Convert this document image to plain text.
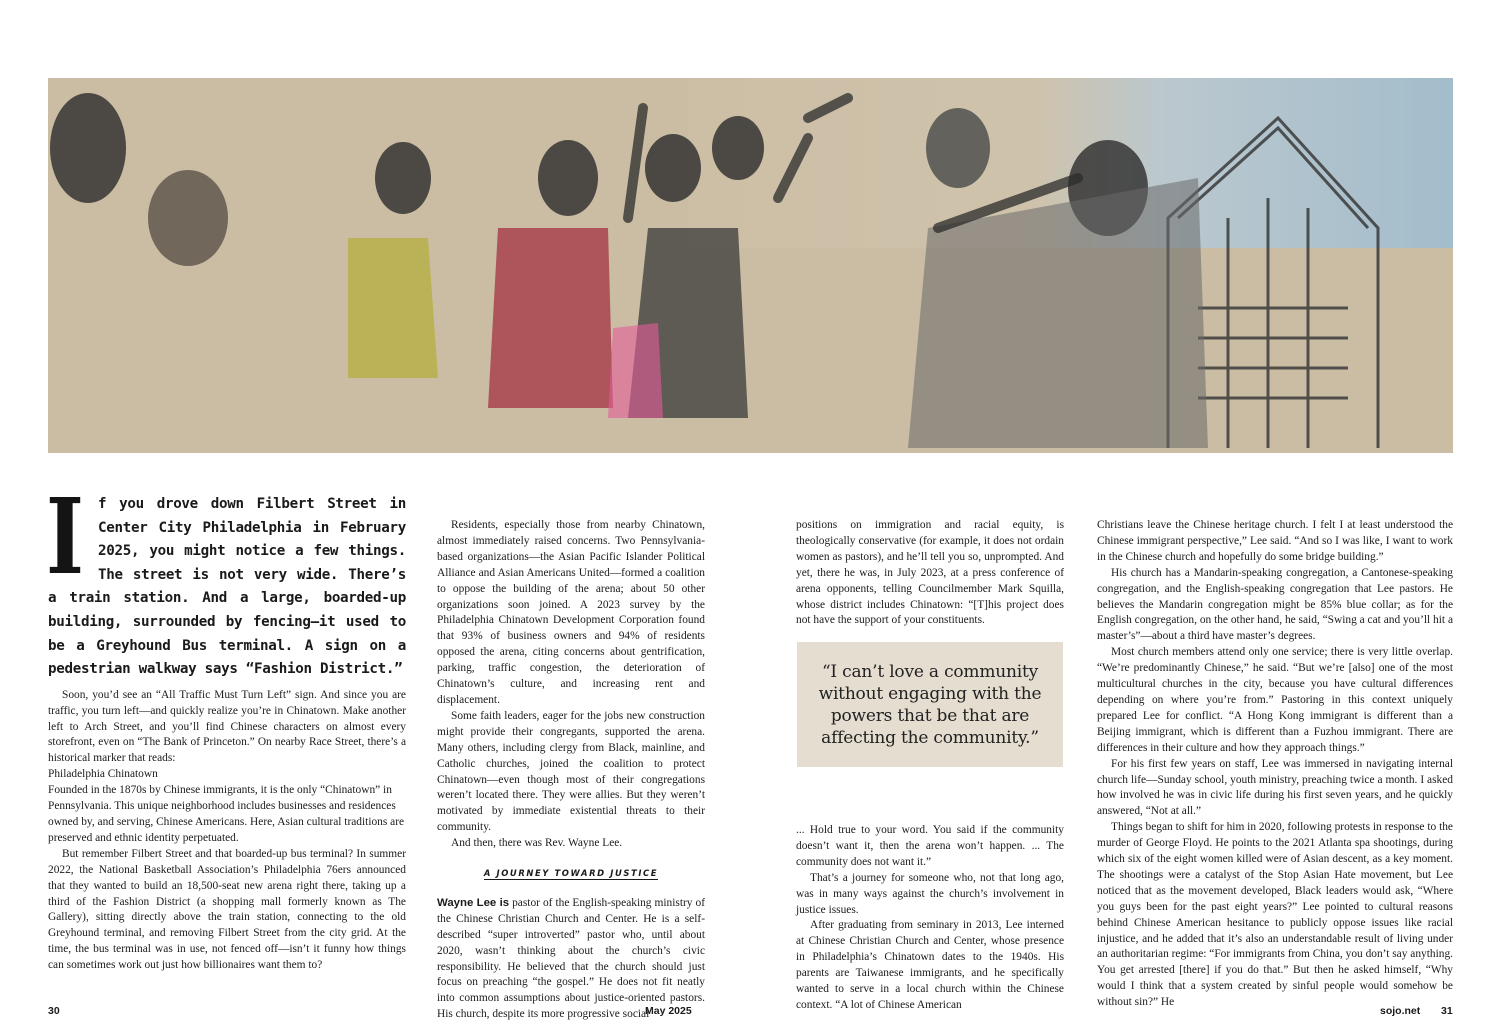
I f you drove down Filbert Street in Center City Philadelphia in February 2025, you might notice a few things. The street is not very wide. There’s a train station. And a large, boarded-up building, surrounded by fencing—it used to be a Greyhound Bus terminal. A sign on a pedestrian walkway says “Fashion District.”

Soon, you’d see an “All Traffic Must Turn Left” sign. And since you are traffic, you turn left—and quickly realize you’re in Chinatown. Make another left to Arch Street, and you’ll find Chinese characters on almost every storefront, even on “The Bank of Princeton.” On nearby Race Street, there’s a historical marker that reads:

Philadelphia Chinatown
Founded in the 1870s by Chinese immigrants, it is the only “Chinatown” in Pennsylvania. This unique neighborhood includes businesses and residences owned by, and serving, Chinese Americans. Here, Asian cultural traditions are preserved and ethnic identity perpetuated.

But remember Filbert Street and that boarded-up bus terminal? In summer 2022, the National Basketball Association’s Philadelphia 76ers announced that they wanted to build an 18,500-seat new arena right there, taking up a third of the Fashion District (a shopping mall formerly known as The Gallery), sitting directly above the train station, connecting to the old Greyhound terminal, and removing Filbert Street from the city grid. At the time, the bus terminal was in use, not fenced off—isn’t it funny how things can sometimes work out just how billionaires want them to?

Residents, especially those from nearby Chinatown, almost immediately raised concerns. Two Pennsylvania-based organizations—the Asian Pacific Islander Political Alliance and Asian Americans United—formed a coalition to oppose the building of the arena; about 50 other organizations soon joined. A 2023 survey by the Philadelphia Chinatown Development Corporation found that 93% of business owners and 94% of residents opposed the arena, citing concerns about gentrification, parking, traffic congestion, the deterioration of Chinatown’s culture, and increasing rent and displacement.

Some faith leaders, eager for the jobs new construction might provide their congregants, supported the arena. Many others, including clergy from Black, mainline, and Catholic churches, joined the coalition to protect Chinatown—even though most of their congregations weren’t located there. They were allies. But they weren’t motivated by immediate existential threats to their community.

And then, there was Rev. Wayne Lee.

A JOURNEY TOWARD JUSTICE

Wayne Lee is pastor of the English-speaking ministry of the Chinese Christian Church and Center. He is a self-described “super introverted” pastor who, until about 2020, wasn’t thinking about the church’s civic responsibility. He believed that the church should just focus on preaching “the gospel.” He does not fit neatly into common assumptions about justice-oriented pastors. His church, despite its more progressive social

positions on immigration and racial equity, is theologically conservative (for example, it does not ordain women as pastors), and he’ll tell you so, unprompted. And yet, there he was, in July 2023, at a press conference of arena opponents, telling Councilmember Mark Squilla, whose district includes Chinatown: “[T]his project does not have the support of your constituents.

... Hold true to your word. You said if the community doesn’t want it, then the arena won’t happen. ... The community does not want it.”

That’s a journey for someone who, not that long ago, was in many ways against the church’s involvement in justice issues.

After graduating from seminary in 2013, Lee interned at Chinese Christian Church and Center, whose presence in Philadelphia’s Chinatown dates to the 1940s. His parents are Taiwanese immigrants, and he specifically wanted to serve in a local church within the Chinese context. “A lot of Chinese American

“I can’t love a community without engaging with the powers that be that are affecting the community.”

Christians leave the Chinese heritage church. I felt I at least understood the Chinese immigrant perspective,” Lee said. “And so I was like, I want to work in the Chinese church and hopefully do some bridge building.”

His church has a Mandarin-speaking congregation, a Cantonese-speaking congregation, and the English-speaking congregation that Lee pastors. He believes the Mandarin congregation might be 85% blue collar; as for the English congregation, on the other hand, he said, “Swing a cat and you’ll hit a master’s”—about a third have master’s degrees.

Most church members attend only one service; there is very little overlap. “We’re predominantly Chinese,” he said. “But we’re [also] one of the most multicultural churches in the city, because you have cultural differences depending on where you’re from.” Pastoring in this context uniquely prepared Lee for conflict. “A Hong Kong immigrant is different than a Beijing immigrant, which is different than a Fuzhou immigrant. There are differences in their culture and how they approach things.”

For his first few years on staff, Lee was immersed in navigating internal church life—Sunday school, youth ministry, preaching twice a month. I asked how involved he was in civic life during his first seven years, and he quickly answered, “Not at all.”

Things began to shift for him in 2020, following protests in response to the murder of George Floyd. He points to the 2021 Atlanta spa shootings, during which six of the eight women killed were of Asian descent, as a key moment. The shootings were a catalyst of the Stop Asian Hate movement, but Lee noticed that as the movement developed, Black leaders would ask, “Where you guys been for the past eight years?” Lee pointed to cultural reasons behind Chinese American hesitance to publicly oppose issues like racial injustice, and he added that it’s also an understandable result of living under an authoritarian regime: “For immigrants from China, you don’t say anything. You get arrested [there] if you do that.” But then he asked himself, “Why would I think that a system created by sinful people would somehow be without sin?” He

30	May 2025	sojo.net 31
